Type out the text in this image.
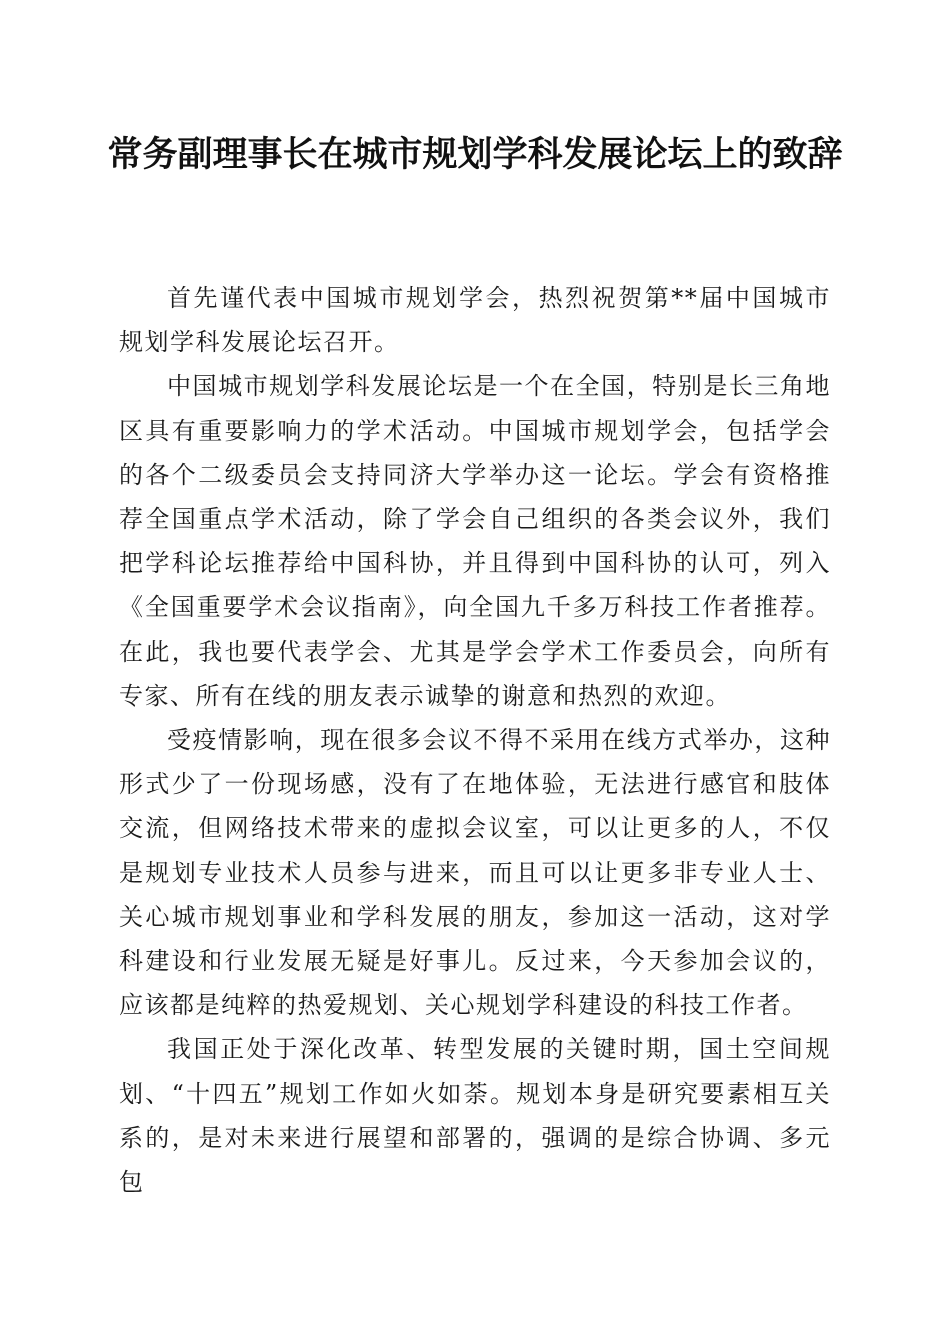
常务副理事长在城市规划学科发展论坛上的致辞

首先谨代表中国城市规划学会，热烈祝贺第**届中国城市规划学科发展论坛召开。

中国城市规划学科发展论坛是一个在全国，特别是长三角地区具有重要影响力的学术活动。中国城市规划学会，包括学会的各个二级委员会支持同济大学举办这一论坛。学会有资格推荐全国重点学术活动，除了学会自己组织的各类会议外，我们把学科论坛推荐给中国科协，并且得到中国科协的认可，列入《全国重要学术会议指南》，向全国九千多万科技工作者推荐。在此，我也要代表学会、尤其是学会学术工作委员会，向所有专家、所有在线的朋友表示诚挚的谢意和热烈的欢迎。

受疫情影响，现在很多会议不得不采用在线方式举办，这种形式少了一份现场感，没有了在地体验，无法进行感官和肢体交流，但网络技术带来的虚拟会议室，可以让更多的人，不仅是规划专业技术人员参与进来，而且可以让更多非专业人士、关心城市规划事业和学科发展的朋友，参加这一活动，这对学科建设和行业发展无疑是好事儿。反过来，今天参加会议的，应该都是纯粹的热爱规划、关心规划学科建设的科技工作者。

我国正处于深化改革、转型发展的关键时期，国土空间规划、“十四五”规划工作如火如荼。规划本身是研究要素相互关系的，是对未来进行展望和部署的，强调的是综合协调、多元包
